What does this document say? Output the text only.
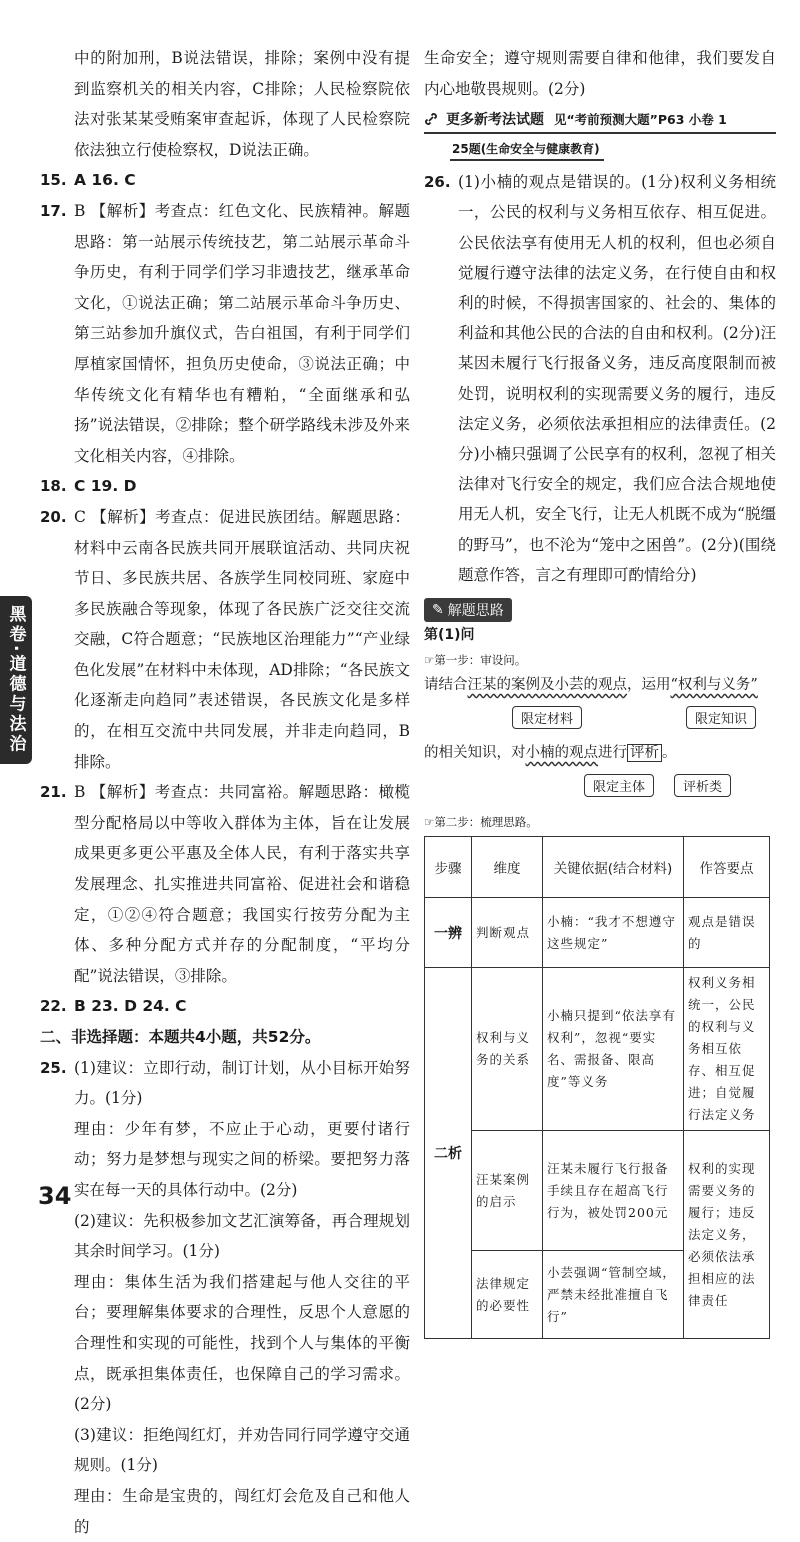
中的附加刑，B说法错误，排除；案例中没有提到监察机关的相关内容，C排除；人民检察院依法对张某某受贿案审查起诉，体现了人民检察院依法独立行使检察权，D说法正确。

15. A 16. C
17. B 【解析】考查点：红色文化、民族精神。解题思路：第一站展示传统技艺，第二站展示革命斗争历史，有利于同学们学习非遗技艺，继承革命文化，①说法正确；第二站展示革命斗争历史、第三站参加升旗仪式，告白祖国，有利于同学们厚植家国情怀，担负历史使命，③说法正确；中华传统文化有精华也有糟粕，“全面继承和弘扬”说法错误，②排除；整个研学路线未涉及外来文化相关内容，④排除。

18. C 19. D
20. C 【解析】考查点：促进民族团结。解题思路：材料中云南各民族共同开展联谊活动、共同庆祝节日、多民族共居、各族学生同校同班、家庭中多民族融合等现象，体现了各民族广泛交往交流交融，C符合题意；“民族地区治理能力”“产业绿色化发展”在材料中未体现，AD排除；“各民族文化逐渐走向趋同”表述错误，各民族文化是多样的，在相互交流中共同发展，并非走向趋同，B排除。

21. B 【解析】考查点：共同富裕。解题思路：橄榄型分配格局以中等收入群体为主体，旨在让发展成果更多更公平惠及全体人民，有利于落实共享发展理念、扎实推进共同富裕、促进社会和谐稳定，①②④符合题意；我国实行按劳分配为主体、多种分配方式并存的分配制度，“平均分配”说法错误，③排除。

22. B 23. D 24. C

二、非选择题：本题共4小题，共52分。

25. (1)建议：立即行动，制订计划，从小目标开始努力。(1分)

理由：少年有梦，不应止于心动，更要付诸行动；努力是梦想与现实之间的桥梁。要把努力落实在每一天的具体行动中。(2分)

(2)建议：先积极参加文艺汇演筹备，再合理规划其余时间学习。(1分)

理由：集体生活为我们搭建起与他人交往的平台；要理解集体要求的合理性，反思个人意愿的合理性和实现的可能性，找到个人与集体的平衡点，既承担集体责任，也保障自己的学习需求。(2分)

(3)建议：拒绝闯红灯，并劝告同行同学遵守交通规则。(1分)

理由：生命是宝贵的，闯红灯会危及自己和他人的

生命安全；遵守规则需要自律和他律，我们要发自内心地敬畏规则。(2分)

更多新考法试题 见“考前预测大题”P63 小卷 1
25题(生命安全与健康教育)
26. (1)小楠的观点是错误的。(1分)权利义务相统一，公民的权利与义务相互依存、相互促进。公民依法享有使用无人机的权利，但也必须自觉履行遵守法律的法定义务，在行使自由和权利的时候，不得损害国家的、社会的、集体的利益和其他公民的合法的自由和权利。(2分)汪某因未履行飞行报备义务，违反高度限制而被处罚，说明权利的实现需要义务的履行，违反法定义务，必须依法承担相应的法律责任。(2分)小楠只强调了公民享有的权利，忽视了相关法律对飞行安全的规定，我们应合法合规地使用无人机，安全飞行，让无人机既不成为“脱缰的野马”，也不沦为“笼中之困兽”。(2分)(围绕题意作答，言之有理即可酌情给分)

✎ 解题思路

第(1)问

☞第一步：审设问。

请结合汪某的案例及小芸的观点，运用“权利与义务”

限定材料	限定知识

的相关知识，对小楠的观点进行 评析 。

限定主体	评析类

☞第二步：梳理思路。

步骤	维度	关键依据(结合材料)	作答要点
一辨	判断观点	小楠：“我才不想遵守这些规定”	观点是错误的
二析	权利与义务的关系	小楠只提到“依法享有权利”，忽视“要实名、需报备、限高度”等义务	权利义务相统一，公民的权利与义务相互依存、相互促进；自觉履行法定义务
	汪某案例的启示	汪某未履行飞行报备手续且存在超高飞行行为，被处罚200元	权利的实现需要义务的履行；违反法定义务，必须依法承担相应的法律责任
	法律规定的必要性	小芸强调“管制空域，严禁未经批准擅自飞行”	
黑卷·道德与法治
34
